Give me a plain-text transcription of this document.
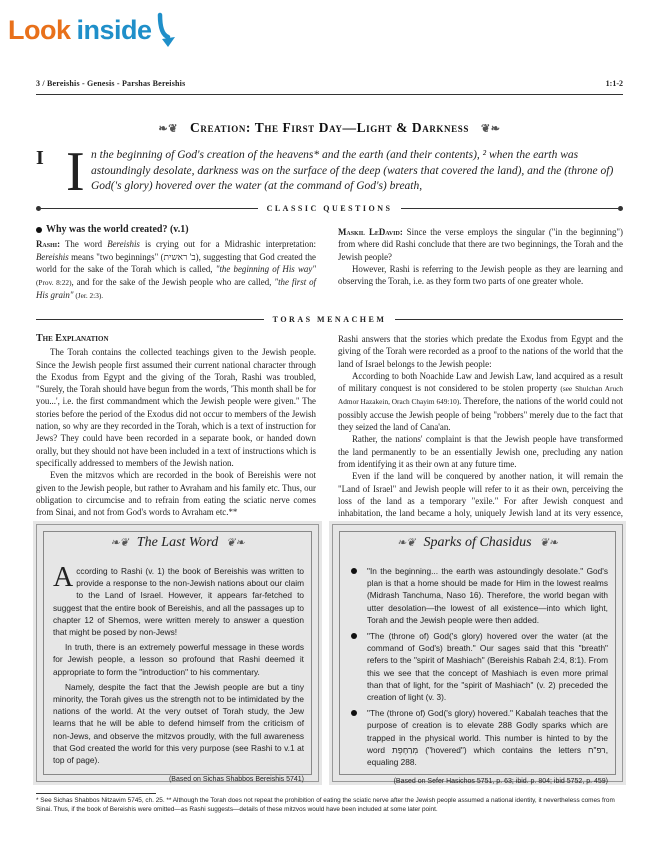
Look inside
3 / Bereishis - Genesis - Parshas Bereishis	1:1-2
❧❦ Creation: The First Day—Light & Darkness ❦❧
I I n the beginning of God's creation of the heavens* and the earth (and their contents), ² when the earth was astoundingly desolate, darkness was on the surface of the deep (waters that covered the land), and the (throne of) God('s glory) hovered over the water (at the command of God's) breath,
CLASSIC QUESTIONS
Why was the world created? (v.1)

Rashi: The word Bereishis is crying out for a Midrashic interpretation: Bereishis means "two beginnings" (ב' ראשית), suggesting that God created the world for the sake of the Torah which is called, "the beginning of His way" (Prov. 8:22), and for the sake of the Jewish people who are called, "the first of His grain" (Jer. 2:3).

Maskil LeDavid: Since the verse employs the singular ("in the beginning") from where did Rashi conclude that there are two beginnings, the Torah and the Jewish people?

However, Rashi is referring to the Jewish people as they are learning and observing the Torah, i.e. as they form two parts of one greater whole.

TORAS MENACHEM
The Explanation

The Torah contains the collected teachings given to the Jewish people. Since the Jewish people first assumed their current national character through the Exodus from Egypt and the giving of the Torah, Rashi was troubled, "Surely, the Torah should have begun from the words, 'This month shall be for you...', i.e. the first commandment which the Jewish people were given." The stories before the period of the Exodus did not occur to members of the Jewish nation, so why are they recorded in the Torah, which is a text of instruction for Jews? They could have been recorded in a separate book, or handed down orally, but they should not have been included in a text of instructions which is specifically addressed to members of the Jewish nation.

Even the mitzvos which are recorded in the book of Bereishis were not given to the Jewish people, but rather to Avraham and his family etc. Thus, our obligation to circumcise and to refrain from eating the sciatic nerve comes from Sinai, and not from God's words to Avraham etc.**

Rashi answers that the stories which predate the Exodus from Egypt and the giving of the Torah were recorded as a proof to the nations of the world that the land of Israel belongs to the Jewish people:

According to both Noachide Law and Jewish Law, land acquired as a result of military conquest is not considered to be stolen property (see Shulchan Aruch Admor Hazakein, Orach Chayim 649:10). Therefore, the nations of the world could not possibly accuse the Jewish people of being "robbers" merely due to the fact that they seized the land of Cana'an.

Rather, the nations' complaint is that the Jewish people have transformed the land permanently to be an essentially Jewish one, precluding any nation from identifying it as their own at any future time.

Even if the land will be conquered by another nation, it will remain the "Land of Israel" and Jewish people will refer to it as their own, perceiving the loss of the land as a temporary "exile." For after Jewish conquest and inhabitation, the land became a holy, uniquely Jewish land at its very essence,

❧❦ The Last Word ❦❧

According to Rashi (v. 1) the book of Bereishis was written to provide a response to the non-Jewish nations about our claim to the Land of Israel. However, it appears far-fetched to suggest that the entire book of Bereishis, and all the passages up to chapter 12 of Shemos, were written merely to answer a question that might be posed by non-Jews!

In truth, there is an extremely powerful message in these words for Jewish people, a lesson so profound that Rashi deemed it appropriate to form the "introduction" to his commentary.

Namely, despite the fact that the Jewish people are but a tiny minority, the Torah gives us the strength not to be intimidated by the nations of the world. At the very outset of Torah study, the Jew learns that he will be able to defend himself from the criticism of non-Jews, and observe the mitzvos proudly, with the full awareness that God created the world for this very purpose (see Rashi to v.1 at top of page).

(Based on Sichas Shabbos Bereishis 5741)
❧❦ Sparks of Chasidus ❦❧
"In the beginning... the earth was astoundingly desolate." God's plan is that a home should be made for Him in the lowest realms (Midrash Tanchuma, Naso 16). Therefore, the world began with utter desolation—the lowest of all existence—into which light, Torah and the Jewish people were then added.
"The (throne of) God('s glory) hovered over the water (at the command of God's) breath." Our sages said that this "breath" refers to the "spirit of Mashiach" (Bereishis Rabah 2:4, 8:1). From this we see that the concept of Mashiach is even more primal than that of light, for the "spirit of Mashiach" (v. 2) preceded the creation of light (v. 3).
"The (throne of) God('s glory) hovered." Kabalah teaches that the purpose of creation is to elevate 288 Godly sparks which are trapped in the physical world. This number is hinted to by the word מְרַחֶפֶת ("hovered") which contains the letters רפ"ח, equaling 288.
(Based on Sefer Hasichos 5751, p. 63; ibid. p. 804; ibid 5752, p. 459)
* See Sichas Shabbos Nitzavim 5745, ch. 25. ** Although the Torah does not repeat the prohibition of eating the sciatic nerve after the Jewish people assumed a national identity, it nevertheless comes from Sinai. Thus, if the book of Bereishis were omitted—as Rashi suggests—details of these mitzvos would have been included at some later point.
